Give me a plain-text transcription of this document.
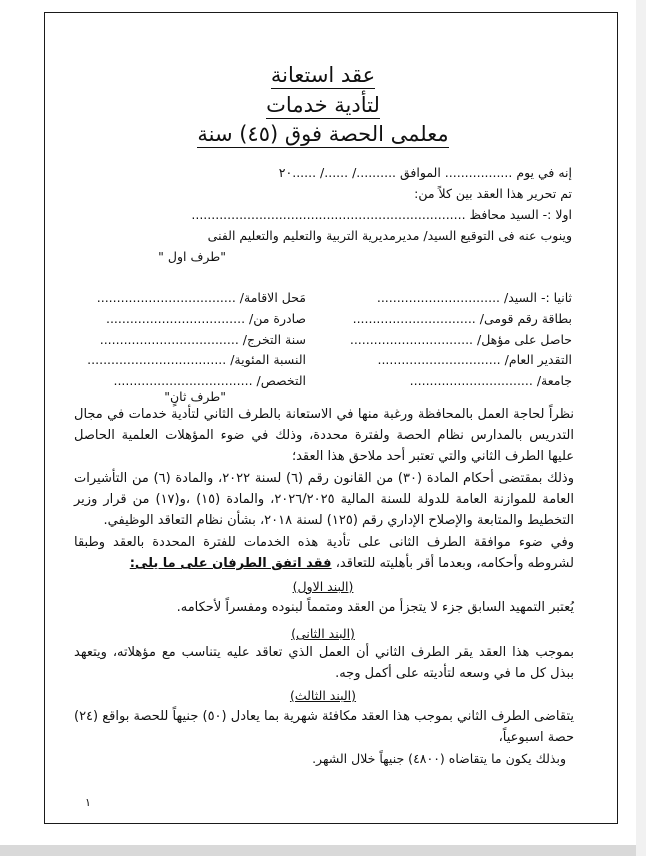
عقد استعانة
لتأدية خدمات
معلمى الحصة فوق (٤٥) سنة
إنه في يوم ................. الموافق ........../ ....../ ......٢٠
تم تحرير هذا العقد بين كلاً من:
اولا :- السيد محافظ .....................................................................
وينوب عنه فى التوقيع السيد/ مديرمديرية التربية والتعليم والتعليم الفنى
"طرف اول "
ثانيا :- السيد/ ...............................
مَحل الاقامة/ ...................................
بطاقة رقم قومى/ ...............................
صادرة من/ ...................................
حاصل على مؤهل/ ...............................
سنة التخرج/ ...................................
التقدير العام/ ...............................
النسبة المئوية/ ...................................
جامعة/ ...............................
التخصص/ ...................................
"طرف ثانٍ"
نظراً لحاجة العمل بالمحافظة ورغبة منها في الاستعانة بالطرف الثاني لتأدية خدمات في مجال التدريس بالمدارس نظام الحصة ولفترة محددة، وذلك في ضوء المؤهلات العلمية الحاصل عليها الطرف الثاني والتي تعتبر أحد ملاحق هذا العقد؛
وذلك بمقتضى أحكام المادة (٣٠) من القانون رقم (٦) لسنة ٢٠٢٢، والمادة (٦) من التأشيرات العامة للموازنة العامة للدولة للسنة المالية ٢٠٢٦/٢٠٢٥، والمادة (١٥) ،و(١٧) من قرار وزير التخطيط والمتابعة والإصلاح الإداري رقم (١٢٥) لسنة ٢٠١٨، بشأن نظام التعاقد الوظيفي.
وفي ضوء موافقة الطرف الثانى على تأدية هذه الخدمات للفترة المحددة بالعقد وطبقا لشروطه وأحكامه، وبعدما أقر بأهليته للتعاقد، فقد اتفق الطرفان على ما يلى:
(البند الاول)
يُعتبر التمهيد السابق جزء لا يتجزأ من العقد ومتمماً لبنوده ومفسراً لأحكامه.
(البند الثانى)
بموجب هذا العقد يقر الطرف الثاني أن العمل الذي تعاقد عليه يتناسب مع مؤهلاته، ويتعهد ببذل كل ما في وسعه لتأديته على أكمل وجه.
(البند الثالث)
يتقاضى الطرف الثاني بموجب هذا العقد مكافئة شهرية بما يعادل (٥٠) جنيهاً للحصة بواقع (٢٤) حصة اسبوعياً،
وبذلك يكون ما يتقاضاه (٤٨٠٠) جنيهاً خلال الشهر.
١
